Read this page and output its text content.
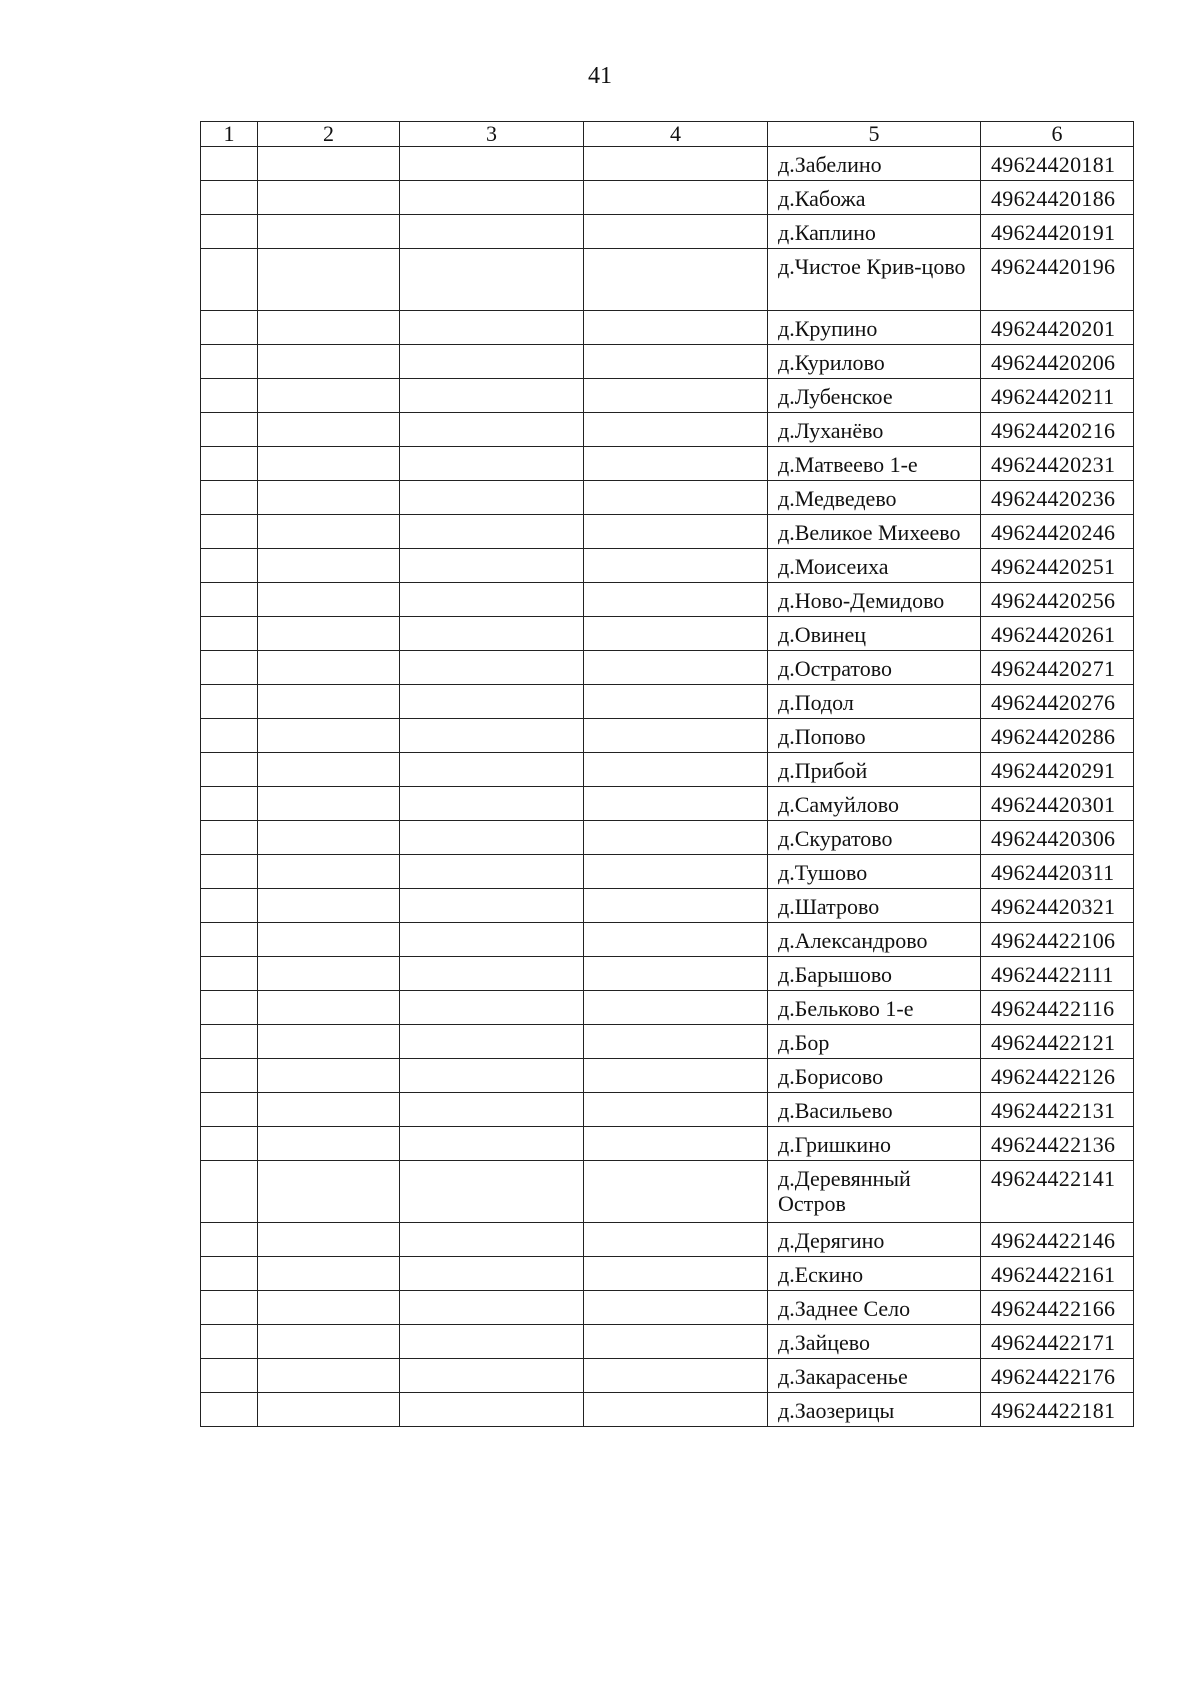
41
1	2	3	4	5	6
				д.Забелино	49624420181
				д.Кабожа	49624420186
				д.Каплино	49624420191
				д.Чистое Крив-цово	49624420196
				д.Крупино	49624420201
				д.Курилово	49624420206
				д.Лубенское	49624420211
				д.Луханёво	49624420216
				д.Матвеево 1-е	49624420231
				д.Медведево	49624420236
				д.Великое Михеево	49624420246
				д.Моисеиха	49624420251
				д.Ново-Демидово	49624420256
				д.Овинец	49624420261
				д.Остратово	49624420271
				д.Подол	49624420276
				д.Попово	49624420286
				д.Прибой	49624420291
				д.Самуйлово	49624420301
				д.Скуратово	49624420306
				д.Тушово	49624420311
				д.Шатрово	49624420321
				д.Александрово	49624422106
				д.Барышово	49624422111
				д.Бельково 1-е	49624422116
				д.Бор	49624422121
				д.Борисово	49624422126
				д.Васильево	49624422131
				д.Гришкино	49624422136
				д.Деревянный Остров	49624422141
				д.Дерягино	49624422146
				д.Ескино	49624422161
				д.Заднее Село	49624422166
				д.Зайцево	49624422171
				д.Закарасенье	49624422176
				д.Заозерицы	49624422181
